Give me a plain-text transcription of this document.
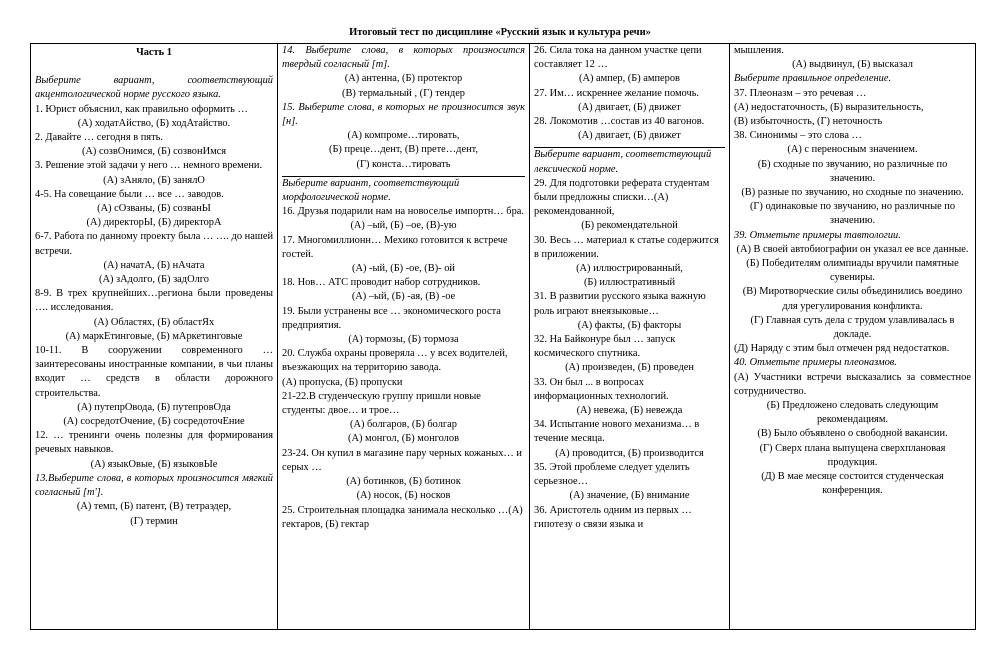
Итоговый тест по дисциплине «Русский язык и культура речи»

Часть 1

Выберите вариант, соответствующий акцентологической норме русского языка.

1. Юрист объяснил, как правильно оформить …

(А) ходатАйство, (Б) ходАтайство.

2. Давайте … сегодня в пять.

(А) созвОнимся, (Б) созвонИмся

3. Решение этой задачи у него … немного времени.

(А) зАняло, (Б) занялО

4-5. На совещание были … все … заводов.

(А) сОзваны, (Б) созванЫ

(А) директорЫ, (Б) директорА

6-7. Работа по данному проекту была … …. до нашей встречи.

(А) начатА, (Б) нАчата

(А) зАдолго, (Б) задОлго

8-9. В трех крупнейших…региона были проведены …. исследования.

(А) Областях, (Б) областЯх

(А) маркЕтинговые, (Б) мАркетинговые

10-11. В сооружении современного … заинтересованы иностранные компании, в чьи планы входит … средств в области дорожного строительства.

(А) путепрОвода, (Б) путепровОда

(А) сосредотОчение, (Б) сосредоточЕние

12. … тренинги очень полезны для формирования речевых навыков.

(А) языкОвые, (Б) языковЫе

13.Выберите слова, в которых произносится мягкий согласный [т'].

(А) темп, (Б) патент, (В) тетраэдер,

(Г) термин

14. Выберите слова, в которых произносится твердый согласный [т].

(А) антенна, (Б) протектор

(В) термальный , (Г) тендер

15. Выберите слова, в которых не произносится звук [н].

(А) компроме…тировать,

(Б) преце…дент, (В) прете…дент,

(Г) конста…тировать

Выберите вариант, соответствующий морфологической норме.

16. Друзья подарили нам на новоселье импортн… бра.

(А) –ый, (Б) –ое, (В)-ую

17. Многомиллионн… Мехико готовится к встрече гостей.

(А) -ый, (Б) -ое, (В)- ой

18. Нов… АТС проводит набор сотрудников.

(А) –ый, (Б) -ая, (В) -ое

19. Были устранены все … экономического роста предприятия.

(А) тормозы, (Б) тормоза

20. Служба охраны проверяла … у всех водителей, въезжающих на территорию завода.

(А) пропуска, (Б) пропуски

21-22.В студенческую группу пришли новые студенты: двое… и трое…

(А) болгаров, (Б) болгар

(А) монгол, (Б) монголов

23-24. Он купил в магазине пару черных кожаных… и серых …

(А) ботинков, (Б) ботинок

(А) носок, (Б) носков

25. Строительная площадка занимала несколько …(А) гектаров, (Б) гектар

26. Сила тока на данном участке цепи составляет 12 …

(А) ампер, (Б) амперов

27. Им… искреннее желание помочь.

(А) двигает, (Б) движет

28. Локомотив …состав из 40 вагонов.

(А) двигает, (Б) движет

Выберите вариант, соответствующий лексической норме.

29. Для подготовки реферата студентам были предложны списки…(А) рекомендованной,

(Б) рекомендательной

30. Весь … материал к статье содержится в приложении.

(А) иллюстрированный,

(Б) иллюстративный

31. В развитии русского языка важную роль играют внеязыковые…

(А) факты, (Б) факторы

32. На Байконуре был … запуск космического спутника.

(А) произведен, (Б) проведен

33. Он был ... в вопросах информационных технологий.

(А) невежа, (Б) невежда

34. Испытание нового механизма… в течение месяца.

(А) проводится, (Б) производится

35. Этой проблеме следует уделить серьезное…

(А) значение, (Б) внимание

36. Аристотель одним из первых … гипотезу о связи языка и

мышления.

(А) выдвинул, (Б) высказал

Выберите правильное определение.

37. Плеоназм – это речевая …

(А) недостаточность, (Б) выразительность,

(В) избыточность, (Г) неточность

38. Синонимы – это слова …

(А) с переносным значением.

(Б) сходные по звучанию, но различные по значению.

(В) разные по звучанию, но сходные по значению.

(Г) одинаковые по звучанию, но различные по значению.

39. Отметьте примеры тавтологии.

(А) В своей автобиографии он указал ее все данные.

(Б) Победителям олимпиады вручили памятные сувениры.

(В) Миротворческие силы объединились воедино для урегулирования конфликта.

(Г) Главная суть дела с трудом улавливалась в докладе.

(Д) Наряду с этим был отмечен ряд недостатков.

40. Отметьте примеры плеоназмов.

(А) Участники встречи высказались за совместное сотрудничество.

(Б) Предложено следовать следующим рекомендациям.

(В) Было объявлено о свободной вакансии.

(Г) Сверх плана выпущена сверхплановая продукция.

(Д) В мае месяце состоится студенческая конференция.
